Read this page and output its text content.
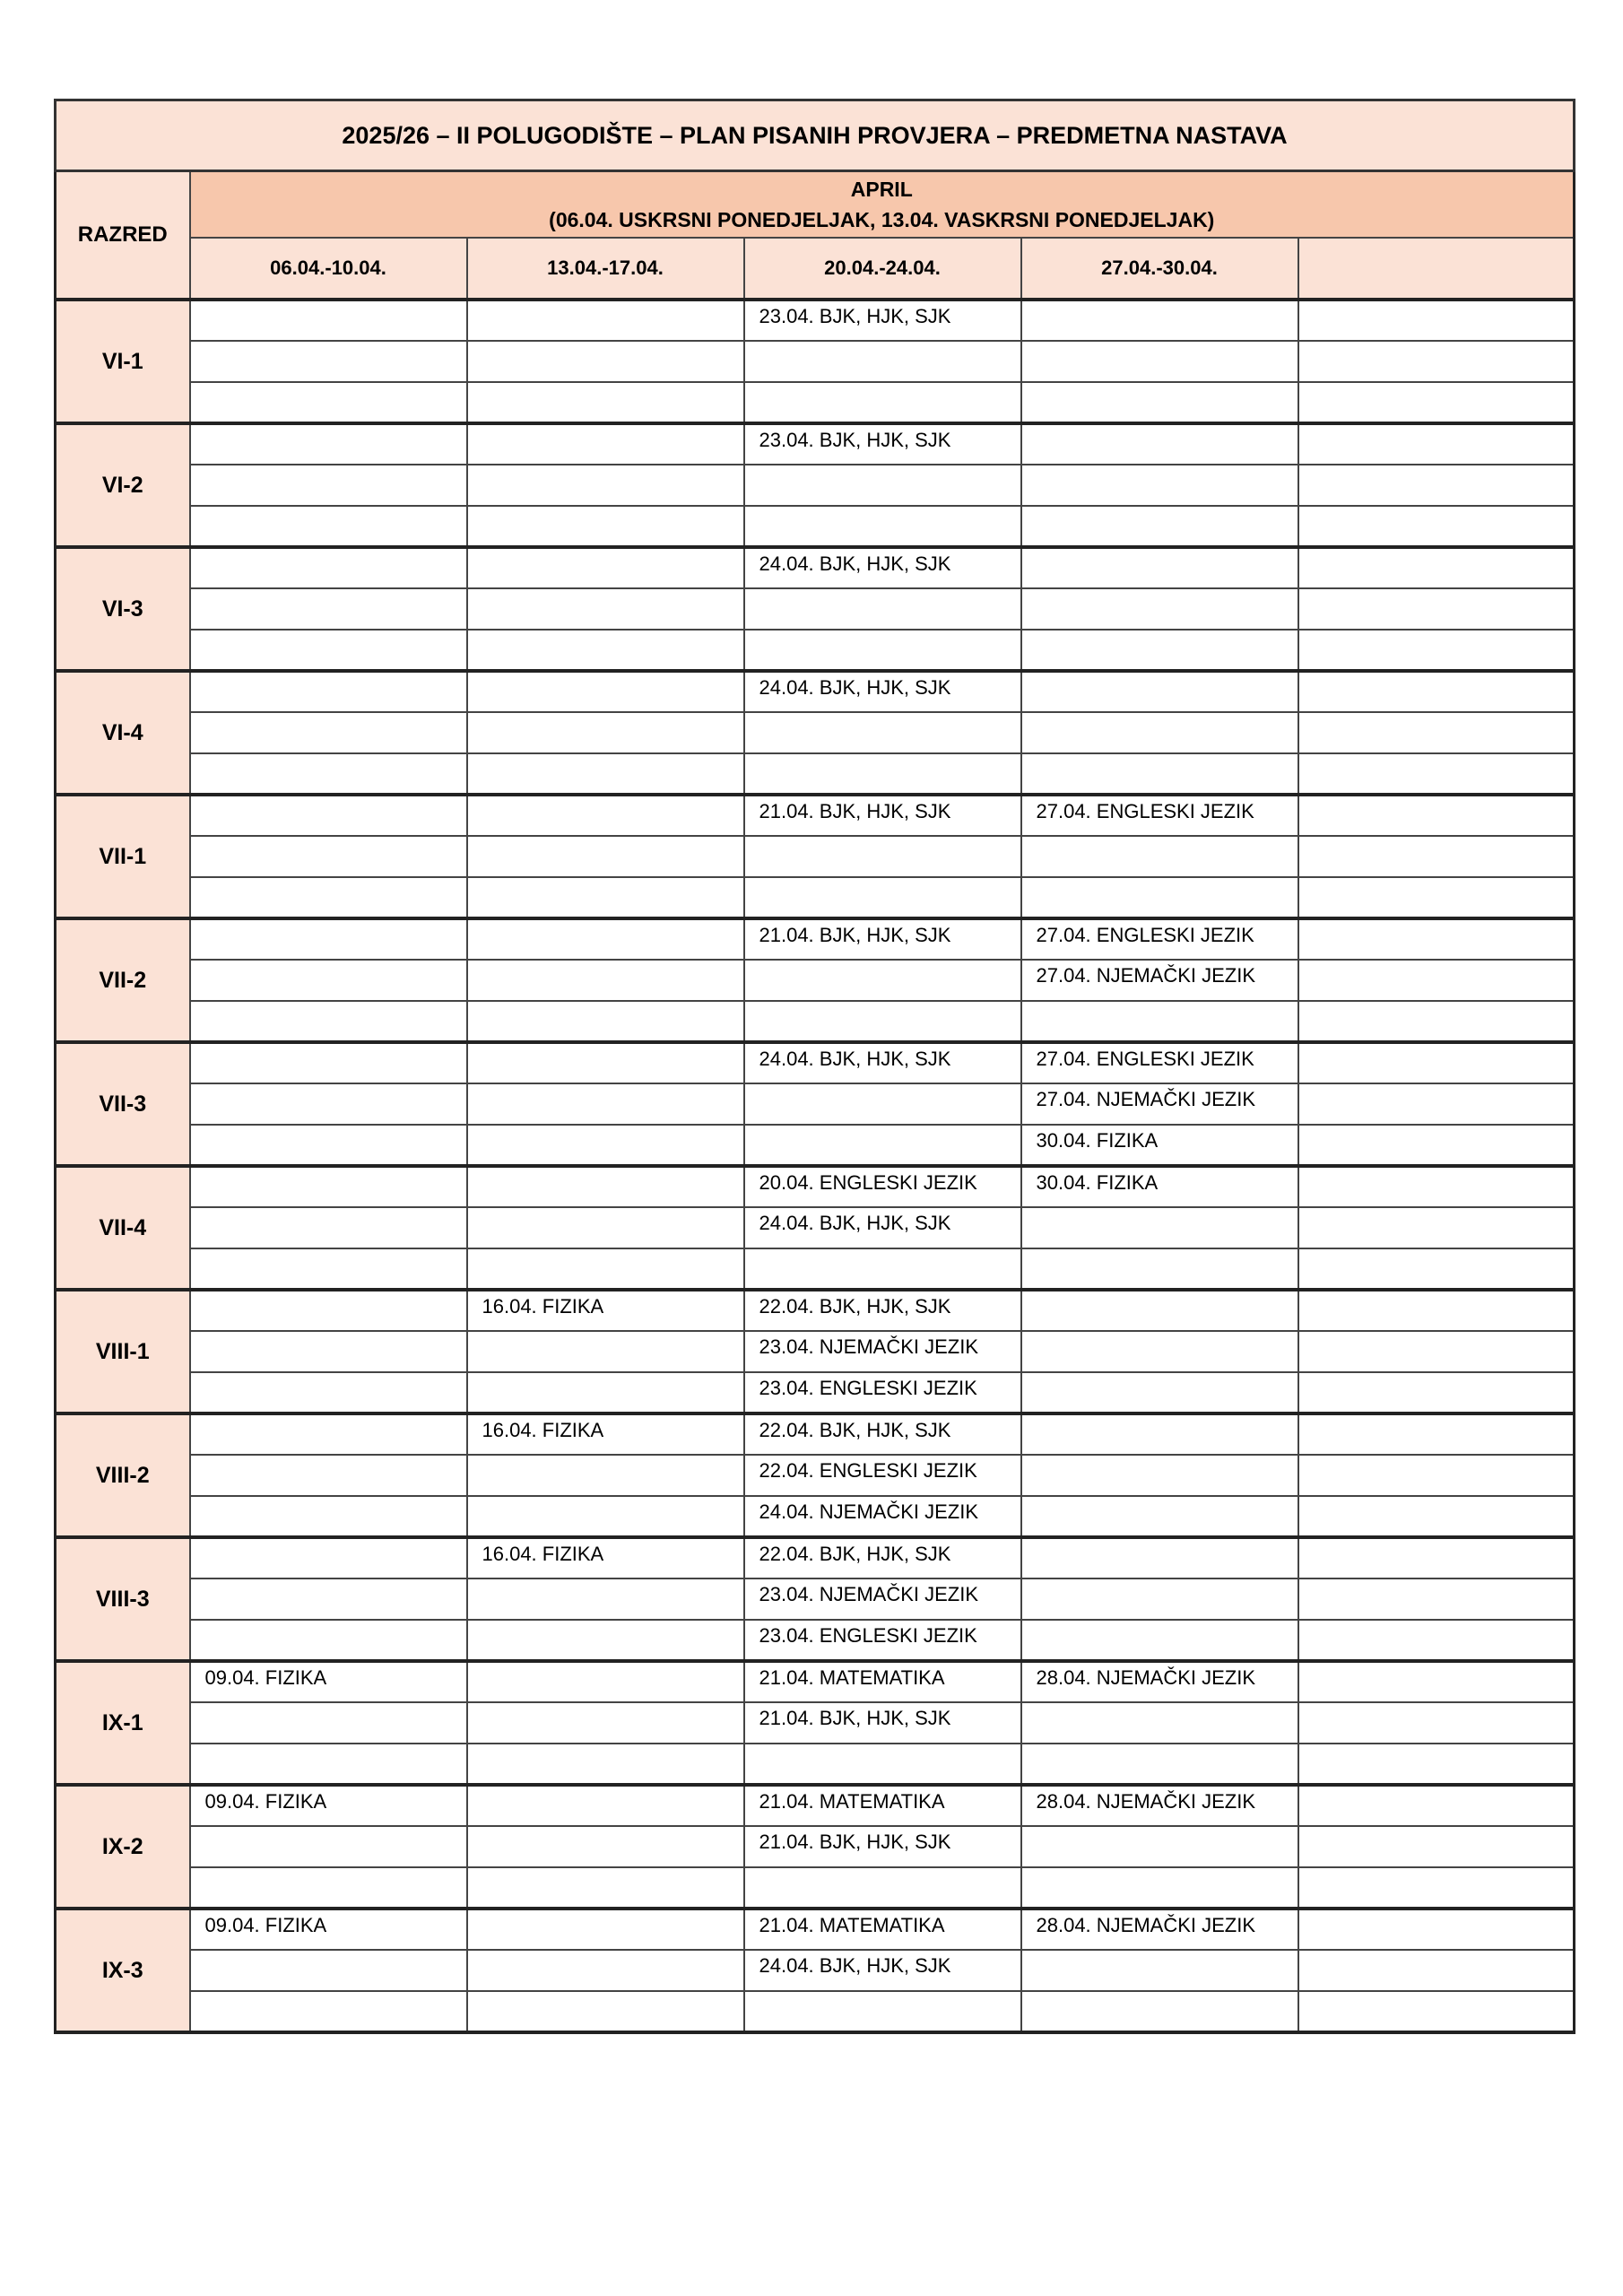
2025/26 – II POLUGODIŠTE – PLAN PISANIH PROVJERA – PREDMETNA NASTAVA					
RAZRED	APRIL
(06.04. USKRSNI PONEDJELJAK, 13.04. VASKRSNI PONEDJELJAK)				

	06.04.-10.04.	13.04.-17.04.	20.04.-24.04.	27.04.-30.04.	
VI-1			23.04. BJK, HJK, SJK		

VI-2			23.04. BJK, HJK, SJK		

VI-3			24.04. BJK, HJK, SJK		

VI-4			24.04. BJK, HJK, SJK		

VII-1			21.04. BJK, HJK, SJK	27.04. ENGLESKI JEZIK	

VII-2			21.04. BJK, HJK, SJK	27.04. ENGLESKI JEZIK	
				27.04. NJEMAČKI JEZIK	

VII-3			24.04. BJK, HJK, SJK	27.04. ENGLESKI JEZIK	
				27.04. NJEMAČKI JEZIK	
				30.04. FIZIKA	
VII-4			20.04. ENGLESKI JEZIK	30.04. FIZIKA	
			24.04. BJK, HJK, SJK		

VIII-1		16.04. FIZIKA	22.04. BJK, HJK, SJK		
			23.04. NJEMAČKI JEZIK		
			23.04. ENGLESKI JEZIK		
VIII-2		16.04. FIZIKA	22.04. BJK, HJK, SJK		
			22.04. ENGLESKI JEZIK		
			24.04. NJEMAČKI JEZIK		
VIII-3		16.04. FIZIKA	22.04. BJK, HJK, SJK		
			23.04. NJEMAČKI JEZIK		
			23.04. ENGLESKI JEZIK		
IX-1	09.04. FIZIKA		21.04. MATEMATIKA	28.04. NJEMAČKI JEZIK	
			21.04. BJK, HJK, SJK		

IX-2	09.04. FIZIKA		21.04. MATEMATIKA	28.04. NJEMAČKI JEZIK	
			21.04. BJK, HJK, SJK		

IX-3	09.04. FIZIKA		21.04. MATEMATIKA	28.04. NJEMAČKI JEZIK	
			24.04. BJK, HJK, SJK		
